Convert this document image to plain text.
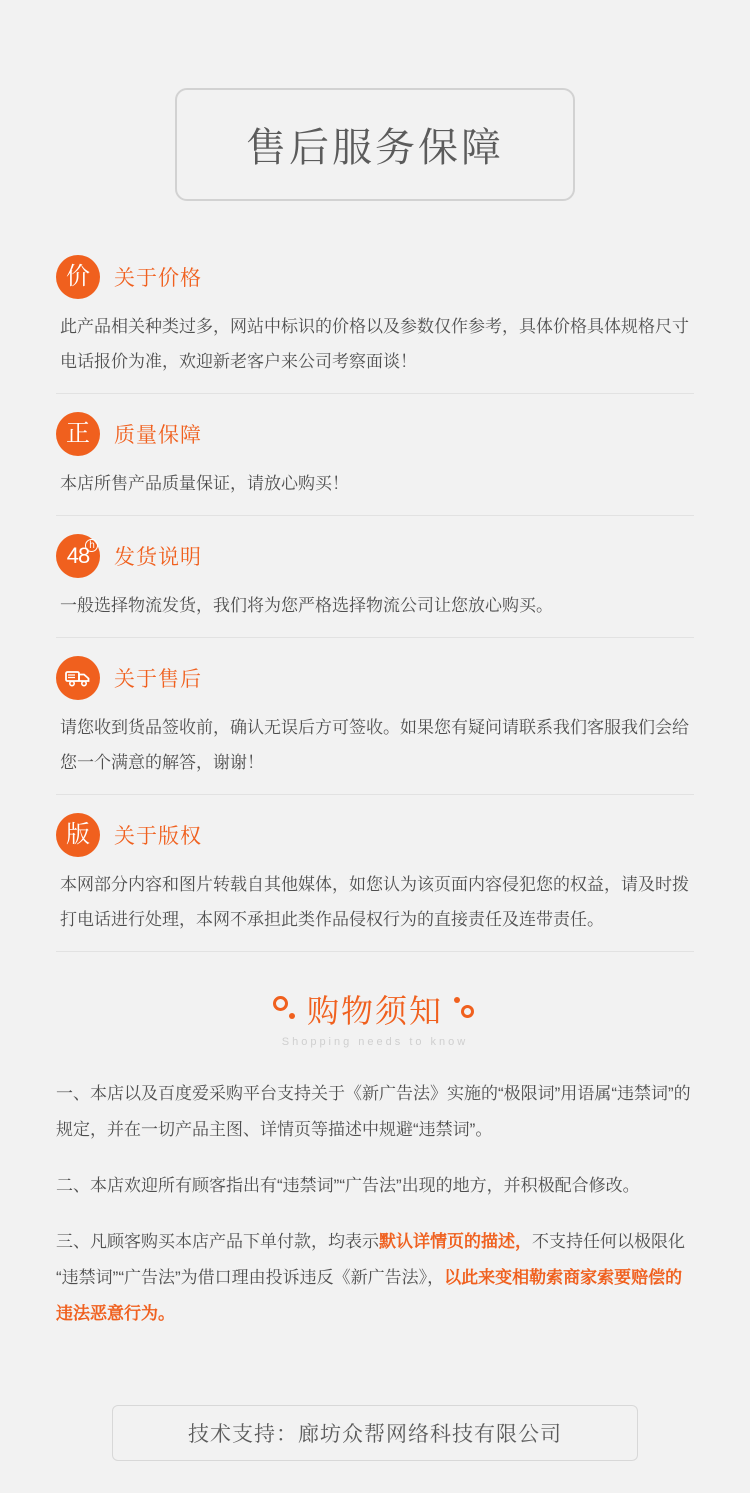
售后服务保障
价	关于价格
此产品相关种类过多，网站中标识的价格以及参数仅作参考，具体价格具体规格尺寸电话报价为准，欢迎新老客户来公司考察面谈！
正	质量保障
本店所售产品质量保证，请放心购买！
48 h
发货说明
一般选择物流发货，我们将为您严格选择物流公司让您放心购买。
关于售后
请您收到货品签收前，确认无误后方可签收。如果您有疑问请联系我们客服我们会给您一个满意的解答，谢谢！
版	关于版权
本网部分内容和图片转载自其他媒体，如您认为该页面内容侵犯您的权益，请及时拨打电话进行处理，本网不承担此类作品侵权行为的直接责任及连带责任。
购物须知
Shopping needs to know

一、本店以及百度爱采购平台支持关于《新广告法》实施的“极限词”用语属“违禁词”的规定，并在一切产品主图、详情页等描述中规避“违禁词”。

二、本店欢迎所有顾客指出有“违禁词”“广告法”出现的地方，并积极配合修改。

三、凡顾客购买本店产品下单付款，均表示默认详情页的描述，不支持任何以极限化“违禁词”“广告法”为借口理由投诉违反《新广告法》，以此来变相勒索商家索要赔偿的违法恶意行为。

技术支持：廊坊众帮网络科技有限公司
